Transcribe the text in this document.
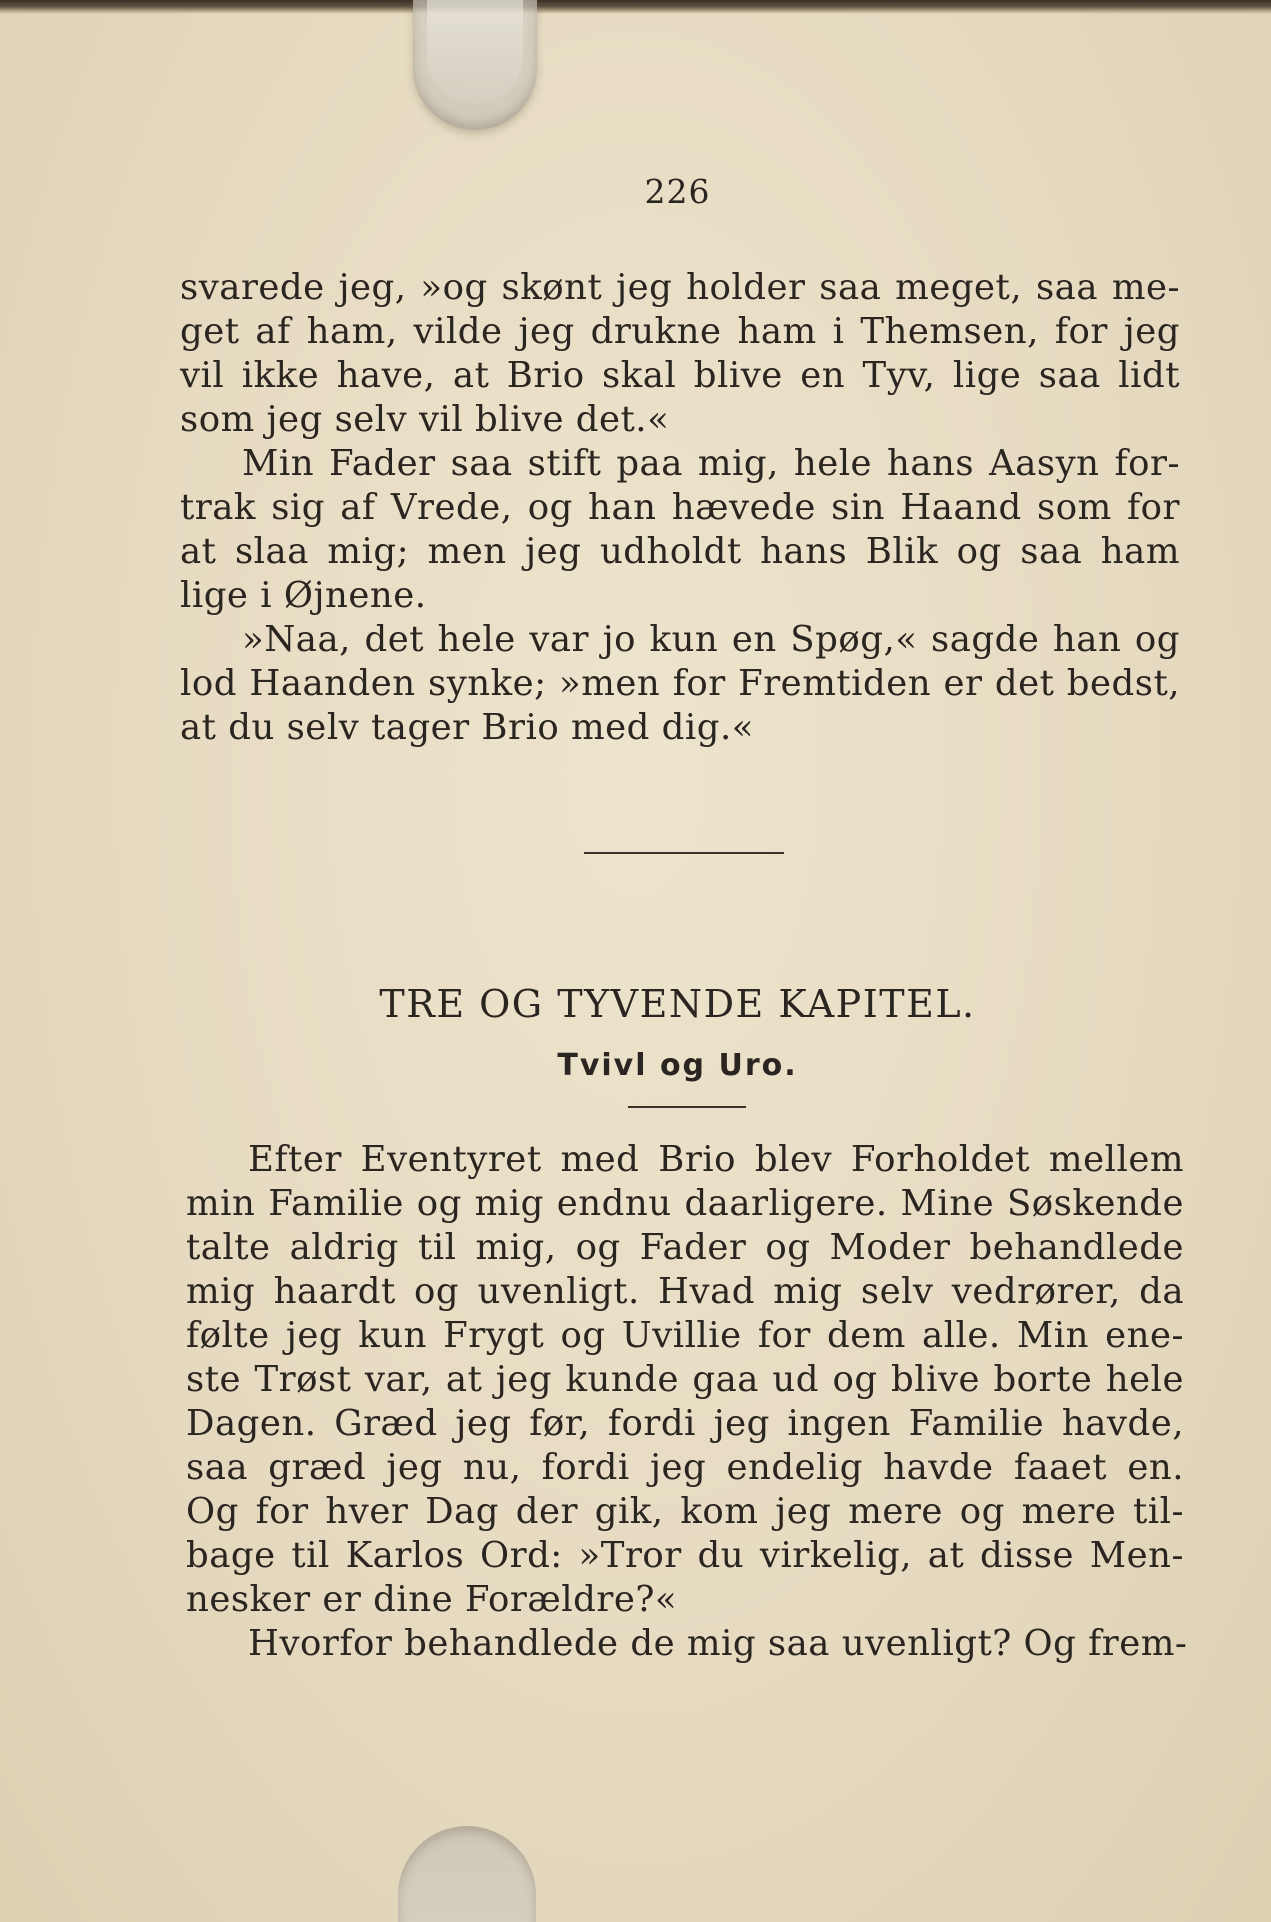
226
svarede jeg, »og skønt jeg holder saa meget, saa me-
get af ham, vilde jeg drukne ham i Themsen, for jeg
vil ikke have, at Brio skal blive en Tyv, lige saa lidt
som jeg selv vil blive det.«
Min Fader saa stift paa mig, hele hans Aasyn for-
trak sig af Vrede, og han hævede sin Haand som for
at slaa mig; men jeg udholdt hans Blik og saa ham
lige i Øjnene.
»Naa, det hele var jo kun en Spøg,« sagde han og
lod Haanden synke; »men for Fremtiden er det bedst,
at du selv tager Brio med dig.«
TRE OG TYVENDE KAPITEL.
Tvivl og Uro.
Efter Eventyret med Brio blev Forholdet mellem
min Familie og mig endnu daarligere. Mine Søskende
talte aldrig til mig, og Fader og Moder behandlede
mig haardt og uvenligt. Hvad mig selv vedrører, da
følte jeg kun Frygt og Uvillie for dem alle. Min ene-
ste Trøst var, at jeg kunde gaa ud og blive borte hele
Dagen. Græd jeg før, fordi jeg ingen Familie havde,
saa græd jeg nu, fordi jeg endelig havde faaet en.
Og for hver Dag der gik, kom jeg mere og mere til-
bage til Karlos Ord: »Tror du virkelig, at disse Men-
nesker er dine Forældre?«
Hvorfor behandlede de mig saa uvenligt? Og frem-
